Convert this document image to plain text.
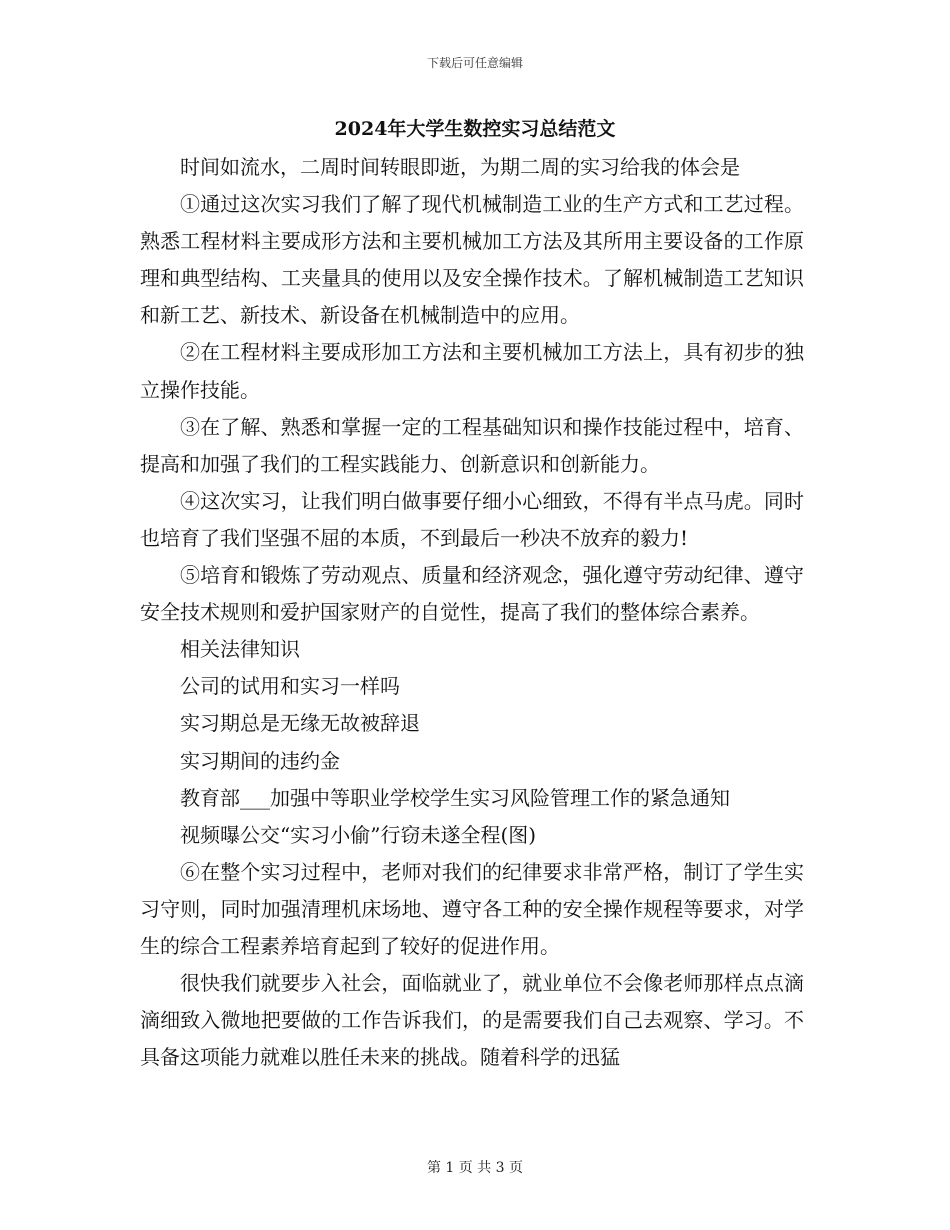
下载后可任意编辑
2024年大学生数控实习总结范文

时间如流水，二周时间转眼即逝，为期二周的实习给我的体会是

①通过这次实习我们了解了现代机械制造工业的生产方式和工艺过程。熟悉工程材料主要成形方法和主要机械加工方法及其所用主要设备的工作原理和典型结构、工夹量具的使用以及安全操作技术。了解机械制造工艺知识和新工艺、新技术、新设备在机械制造中的应用。

②在工程材料主要成形加工方法和主要机械加工方法上，具有初步的独立操作技能。

③在了解、熟悉和掌握一定的工程基础知识和操作技能过程中，培育、提高和加强了我们的工程实践能力、创新意识和创新能力。

④这次实习，让我们明白做事要仔细小心细致，不得有半点马虎。同时也培育了我们坚强不屈的本质，不到最后一秒决不放弃的毅力!

⑤培育和锻炼了劳动观点、质量和经济观念，强化遵守劳动纪律、遵守安全技术规则和爱护国家财产的自觉性，提高了我们的整体综合素养。

相关法律知识

公司的试用和实习一样吗

实习期总是无缘无故被辞退

实习期间的违约金

教育部___加强中等职业学校学生实习风险管理工作的紧急通知

视频曝公交“实习小偷”行窃未遂全程(图)

⑥在整个实习过程中，老师对我们的纪律要求非常严格，制订了学生实习守则，同时加强清理机床场地、遵守各工种的安全操作规程等要求，对学生的综合工程素养培育起到了较好的促进作用。

很快我们就要步入社会，面临就业了，就业单位不会像老师那样点点滴滴细致入微地把要做的工作告诉我们，的是需要我们自己去观察、学习。不具备这项能力就难以胜任未来的挑战。随着科学的迅猛

第 1 页 共 3 页
